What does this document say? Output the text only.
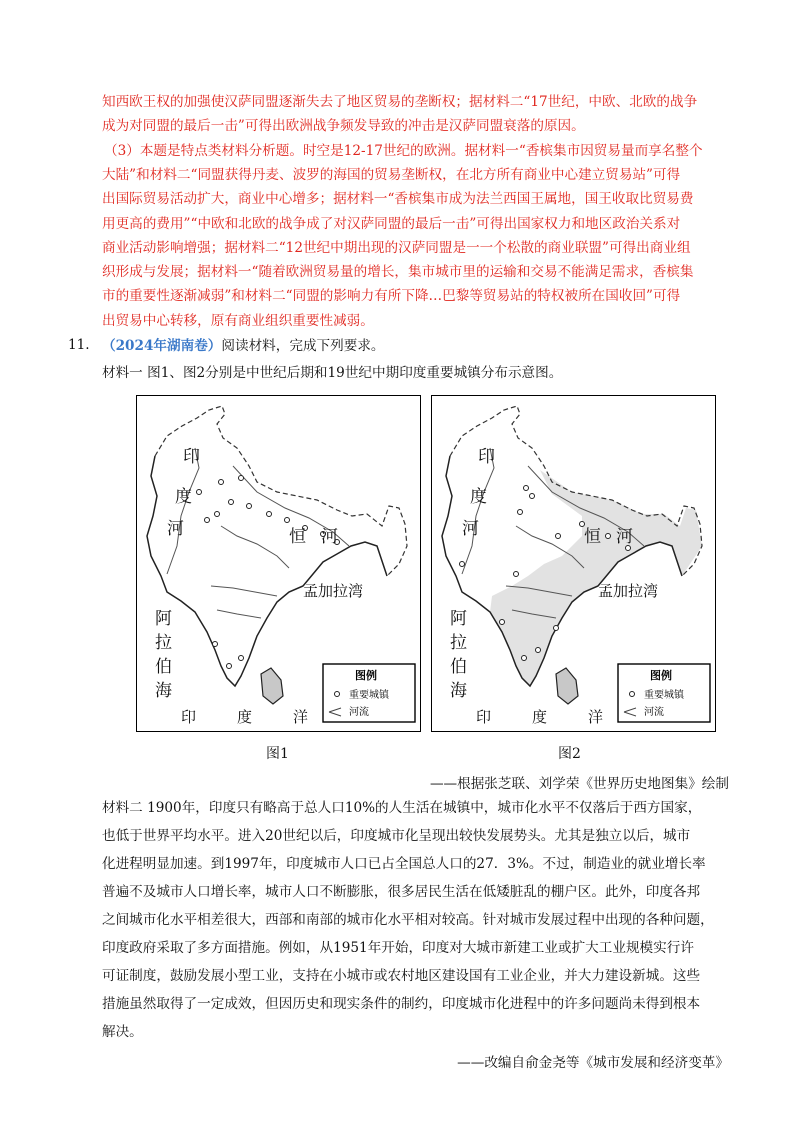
知西欧王权的加强使汉萨同盟逐渐失去了地区贸易的垄断权；据材料二“17世纪，中欧、北欧的战争
成为对同盟的最后一击”可得出欧洲战争频发导致的冲击是汉萨同盟衰落的原因。
（3）本题是特点类材料分析题。时空是12-17世纪的欧洲。据材料一“香槟集市因贸易量而享名整个
大陆”和材料二“同盟获得丹麦、波罗的海国的贸易垄断权，在北方所有商业中心建立贸易站”可得
出国际贸易活动扩大，商业中心增多；据材料一“香槟集市成为法兰西国王属地，国王收取比贸易费
用更高的费用”“中欧和北欧的战争成了对汉萨同盟的最后一击”可得出国家权力和地区政治关系对
商业活动影响增强；据材料二“12世纪中期出现的汉萨同盟是一一个松散的商业联盟”可得出商业组
织形成与发展；据材料一“随着欧洲贸易量的增长，集市城市里的运输和交易不能满足需求，香槟集
市的重要性逐渐减弱”和材料二“同盟的影响力有所下降…巴黎等贸易站的特权被所在国收回”可得
出贸易中心转移，原有商业组织重要性减弱。
11. （2024年湖南卷）阅读材料，完成下列要求。
材料一 图1、图2分别是中世纪后期和19世纪中期印度重要城镇分布示意图。
印
度
河	恒 河
孟加拉湾
阿
拉
伯
海
印	度	洋
图例
重要城镇
河流
印
度
河	恒 河
孟加拉湾
阿
拉
伯
海
印	度	洋
图例
重要城镇
河流
图1	图2
——根据张芝联、刘学荣《世界历史地图集》绘制
材料二 1900年，印度只有略高于总人口10%的人生活在城镇中，城市化水平不仅落后于西方国家，
也低于世界平均水平。进入20世纪以后，印度城市化呈现出较快发展势头。尤其是独立以后，城市
化进程明显加速。到1997年，印度城市人口已占全国总人口的27．3%。不过，制造业的就业增长率
普遍不及城市人口增长率，城市人口不断膨胀，很多居民生活在低矮脏乱的棚户区。此外，印度各邦
之间城市化水平相差很大，西部和南部的城市化水平相对较高。针对城市发展过程中出现的各种问题，
印度政府采取了多方面措施。例如，从1951年开始，印度对大城市新建工业或扩大工业规模实行许
可证制度，鼓励发展小型工业，支持在小城市或农村地区建设国有工业企业，并大力建设新城。这些
措施虽然取得了一定成效，但因历史和现实条件的制约，印度城市化进程中的许多问题尚未得到根本
解决。
——改编自俞金尧等《城市发展和经济变革》
